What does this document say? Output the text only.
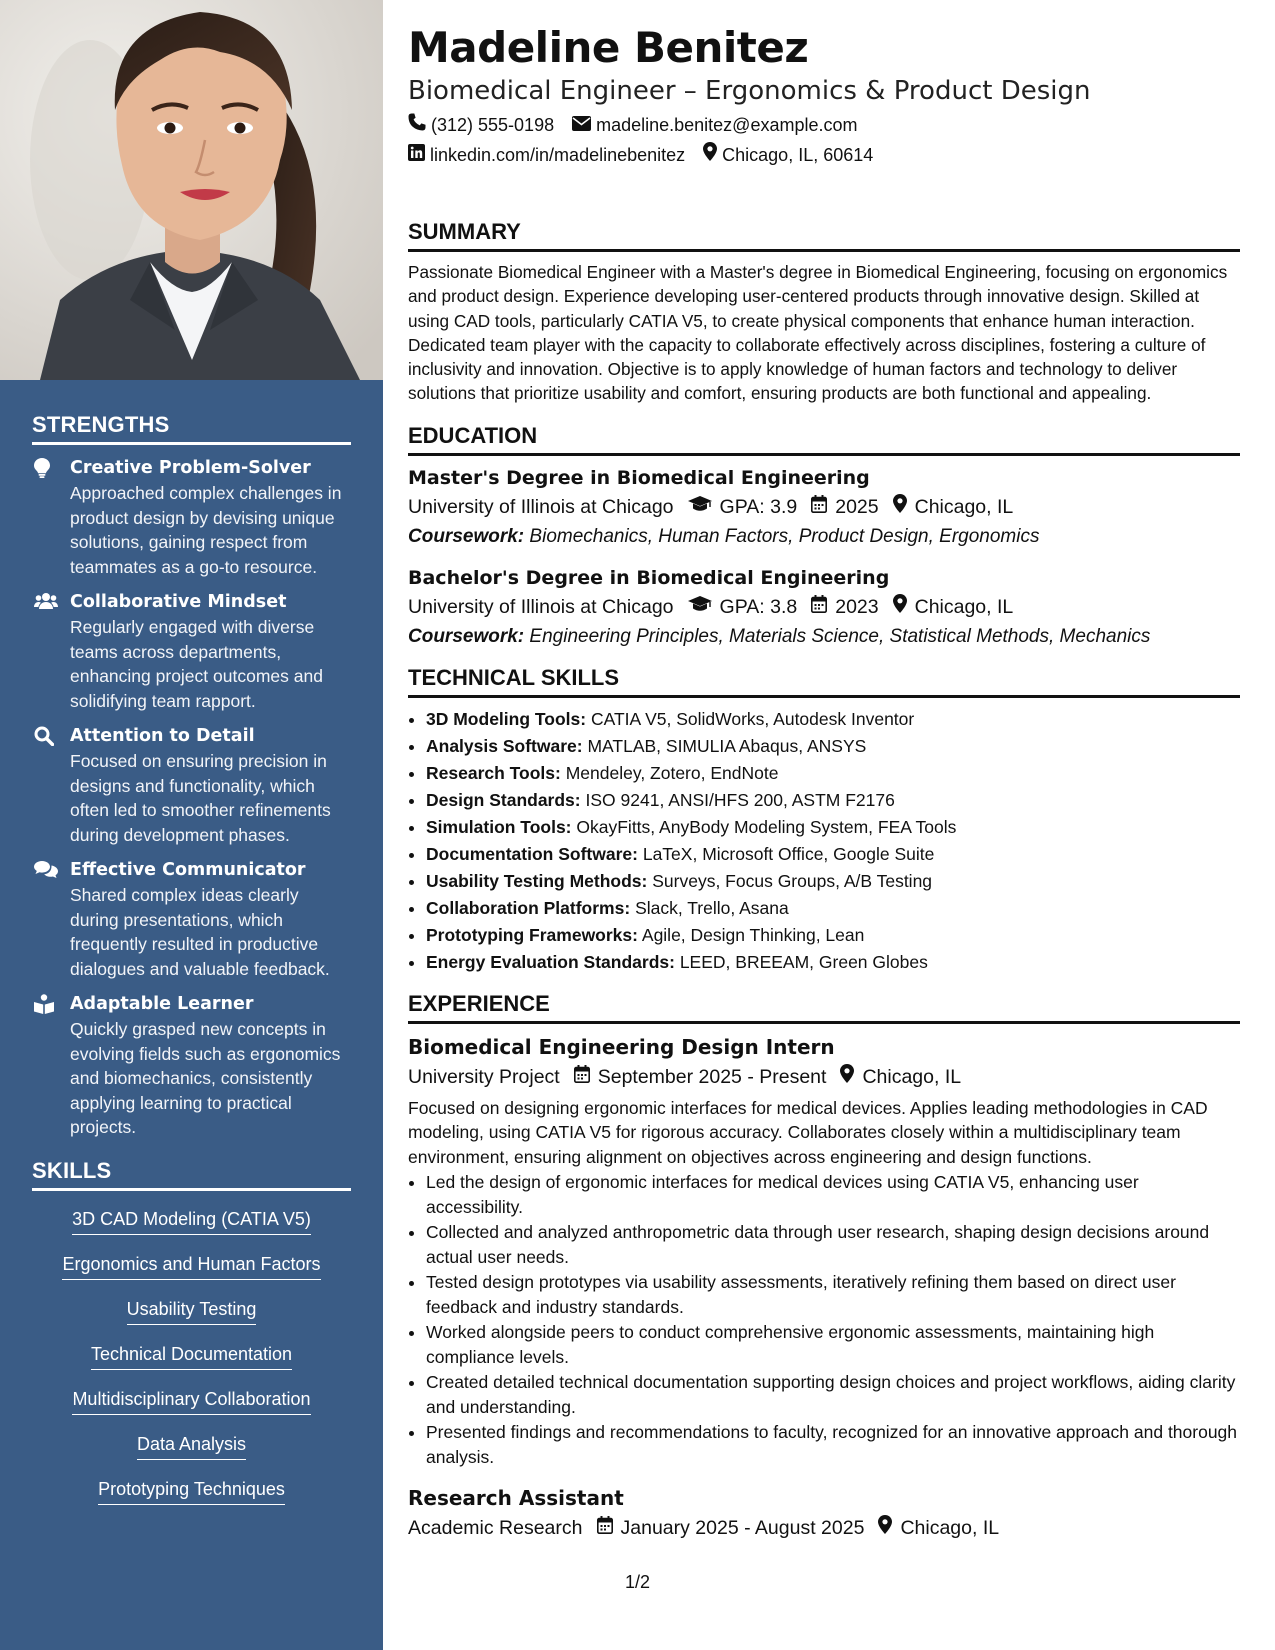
STRENGTHS
Creative Problem-Solver
Approached complex challenges in product design by devising unique solutions, gaining respect from teammates as a go-to resource.
Collaborative Mindset
Regularly engaged with diverse teams across departments, enhancing project outcomes and solidifying team rapport.
Attention to Detail
Focused on ensuring precision in designs and functionality, which often led to smoother refinements during development phases.
Effective Communicator
Shared complex ideas clearly during presentations, which frequently resulted in productive dialogues and valuable feedback.
Adaptable Learner
Quickly grasped new concepts in evolving fields such as ergonomics and biomechanics, consistently applying learning to practical projects.
SKILLS
3D CAD Modeling (CATIA V5)
Ergonomics and Human Factors
Usability Testing
Technical Documentation
Multidisciplinary Collaboration
Data Analysis
Prototyping Techniques
Madeline Benitez
Biomedical Engineer – Ergonomics & Product Design
(312) 555-0198 madeline.benitez@example.com
linkedin.com/in/madelinebenitez Chicago, IL, 60614
SUMMARY

Passionate Biomedical Engineer with a Master's degree in Biomedical Engineering, focusing on ergonomics and product design. Experience developing user-centered products through innovative design. Skilled at using CAD tools, particularly CATIA V5, to create physical components that enhance human interaction. Dedicated team player with the capacity to collaborate effectively across disciplines, fostering a culture of inclusivity and innovation. Objective is to apply knowledge of human factors and technology to deliver solutions that prioritize usability and comfort, ensuring products are both functional and appealing.

EDUCATION
Master's Degree in Biomedical Engineering
University of Illinois at Chicago GPA: 3.9 2025 Chicago, IL
Coursework: Biomechanics, Human Factors, Product Design, Ergonomics
Bachelor's Degree in Biomedical Engineering
University of Illinois at Chicago GPA: 3.8 2023 Chicago, IL
Coursework: Engineering Principles, Materials Science, Statistical Methods, Mechanics
TECHNICAL SKILLS
• 3D Modeling Tools: CATIA V5, SolidWorks, Autodesk Inventor
• Analysis Software: MATLAB, SIMULIA Abaqus, ANSYS
• Research Tools: Mendeley, Zotero, EndNote
• Design Standards: ISO 9241, ANSI/HFS 200, ASTM F2176
• Simulation Tools: OkayFitts, AnyBody Modeling System, FEA Tools
• Documentation Software: LaTeX, Microsoft Office, Google Suite
• Usability Testing Methods: Surveys, Focus Groups, A/B Testing
• Collaboration Platforms: Slack, Trello, Asana
• Prototyping Frameworks: Agile, Design Thinking, Lean
• Energy Evaluation Standards: LEED, BREEAM, Green Globes
EXPERIENCE
Biomedical Engineering Design Intern
University Project September 2025 - Present Chicago, IL

Focused on designing ergonomic interfaces for medical devices. Applies leading methodologies in CAD modeling, using CATIA V5 for rigorous accuracy. Collaborates closely within a multidisciplinary team environment, ensuring alignment on objectives across engineering and design functions.

• Led the design of ergonomic interfaces for medical devices using CATIA V5, enhancing user accessibility.
• Collected and analyzed anthropometric data through user research, shaping design decisions around actual user needs.
• Tested design prototypes via usability assessments, iteratively refining them based on direct user feedback and industry standards.
• Worked alongside peers to conduct comprehensive ergonomic assessments, maintaining high compliance levels.
• Created detailed technical documentation supporting design choices and project workflows, aiding clarity and understanding.
• Presented findings and recommendations to faculty, recognized for an innovative approach and thorough analysis.
Research Assistant
Academic Research January 2025 - August 2025 Chicago, IL
1/2
